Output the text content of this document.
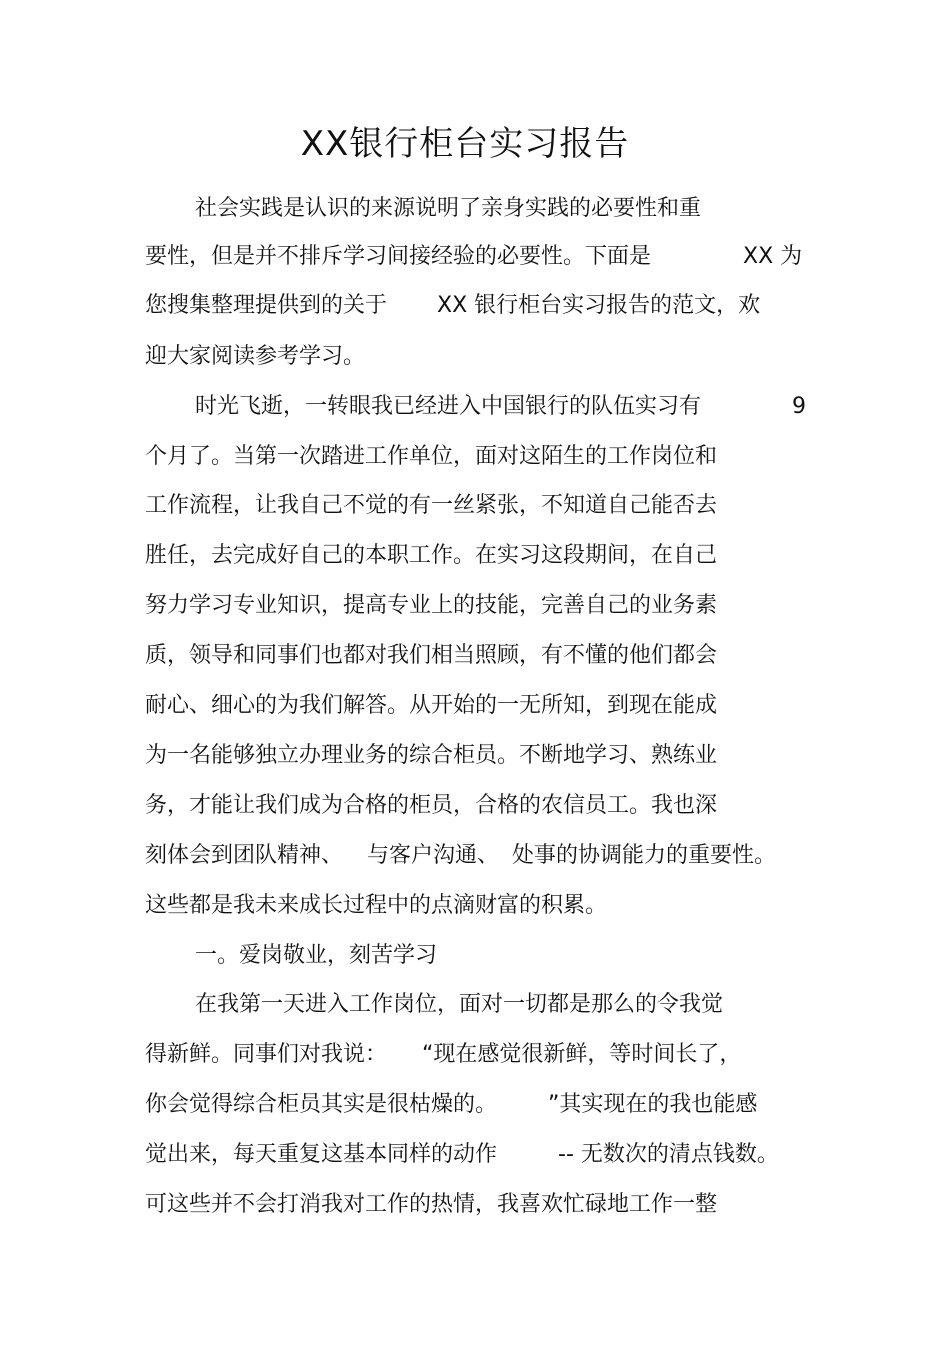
XX银行柜台实习报告
社会实践是认识的来源说明了亲身实践的必要性和重
要性，但是并不排斥学习间接经验的必要性。下面是	XX 为
您搜集整理提供到的关于 XX 银行柜台实习报告的范文，欢
迎大家阅读参考学习。
时光飞逝，一转眼我已经进入中国银行的队伍实习有	9
个月了。当第一次踏进工作单位，面对这陌生的工作岗位和
工作流程，让我自己不觉的有一丝紧张，不知道自己能否去
胜任，去完成好自己的本职工作。在实习这段期间，在自己
努力学习专业知识，提高专业上的技能，完善自己的业务素
质，领导和同事们也都对我们相当照顾，有不懂的他们都会
耐心、细心的为我们解答。从开始的一无所知，到现在能成
为一名能够独立办理业务的综合柜员。不断地学习、熟练业
务，才能让我们成为合格的柜员，合格的农信员工。我也深
刻体会到团队精神、 与客户沟通、 处事的协调能力的重要性。
这些都是我未来成长过程中的点滴财富的积累。
一。爱岗敬业，刻苦学习
在我第一天进入工作岗位，面对一切都是那么的令我觉
得新鲜。同事们对我说： “现在感觉很新鲜，等时间长了，
你会觉得综合柜员其实是很枯燥的。 ”其实现在的我也能感
觉出来，每天重复这基本同样的动作	-- 无数次的清点钱数。
可这些并不会打消我对工作的热情，我喜欢忙碌地工作一整
